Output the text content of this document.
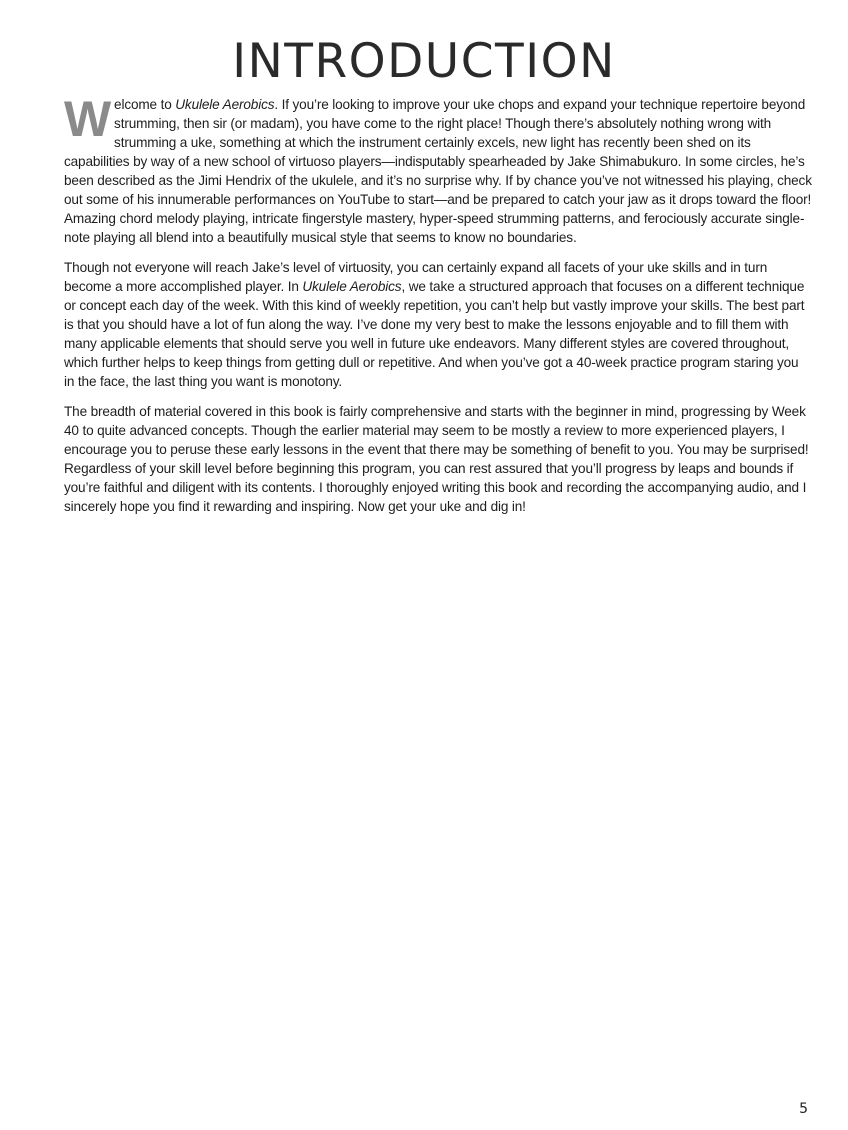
INTRODUCTION

Welcome to Ukulele Aerobics. If you’re looking to improve your uke chops and expand your technique repertoire beyond strumming, then sir (or madam), you have come to the right place! Though there’s absolutely nothing wrong with strumming a uke, something at which the instrument certainly excels, new light has recently been shed on its capabilities by way of a new school of virtuoso players—indisputably spearheaded by Jake Shimabukuro. In some circles, he’s been described as the Jimi Hendrix of the ukulele, and it’s no surprise why. If by chance you’ve not witnessed his playing, check out some of his innumerable performances on YouTube to start—and be prepared to catch your jaw as it drops toward the floor! Amazing chord melody playing, intricate fingerstyle mastery, hyper-speed strumming patterns, and ferociously accurate single-note playing all blend into a beautifully musical style that seems to know no boundaries.

Though not everyone will reach Jake’s level of virtuosity, you can certainly expand all facets of your uke skills and in turn become a more accomplished player. In Ukulele Aerobics, we take a structured approach that focuses on a different technique or concept each day of the week. With this kind of weekly repetition, you can’t help but vastly improve your skills. The best part is that you should have a lot of fun along the way. I’ve done my very best to make the lessons enjoyable and to fill them with many applicable elements that should serve you well in future uke endeavors. Many different styles are covered throughout, which further helps to keep things from getting dull or repetitive. And when you’ve got a 40-week practice program staring you in the face, the last thing you want is monotony.

The breadth of material covered in this book is fairly comprehensive and starts with the beginner in mind, progressing by Week 40 to quite advanced concepts. Though the earlier material may seem to be mostly a review to more experienced players, I encourage you to peruse these early lessons in the event that there may be something of benefit to you. You may be surprised! Regardless of your skill level before beginning this program, you can rest assured that you’ll progress by leaps and bounds if you’re faithful and diligent with its contents. I thoroughly enjoyed writing this book and recording the accompanying audio, and I sincerely hope you find it rewarding and inspiring. Now get your uke and dig in!

5
